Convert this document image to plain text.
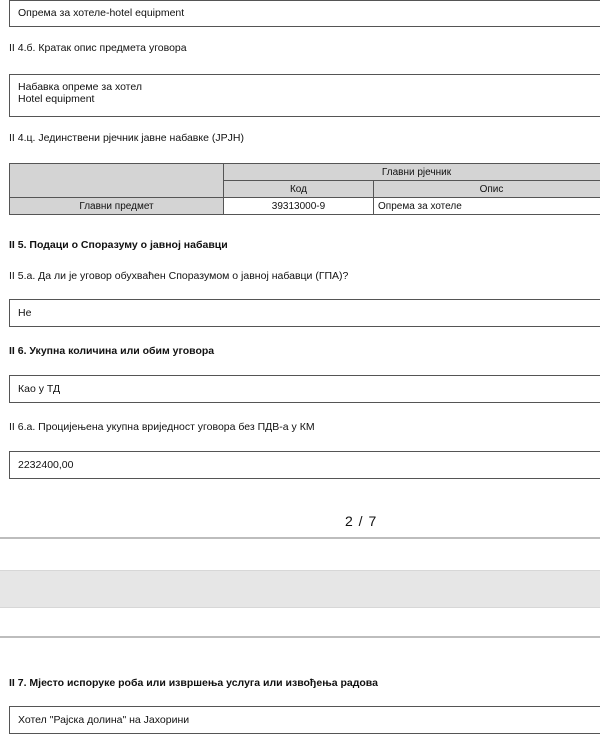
Опрема за хотеле-hotel equipment
II 4.б. Кратак опис предмета уговора
Набавка опреме за хотел
Hotel equipment
II 4.ц. Јединствени рјечник јавне набавке (ЈРЈН)
	Главни рјечник	
	Код	Опис
Главни предмет	39313000-9	Опрема за хотеле
II 5. Подаци о Споразуму о јавној набавци
II 5.а. Да ли је уговор обухваћен Споразумом о јавној набавци (ГПА)?
Не
II 6. Укупна количина или обим уговора
Као у ТД
II 6.а. Процијењена укупна вриједност уговора без ПДВ-а у КМ
2232400,00
2 / 7
II 7. Мјесто испоруке роба или извршења услуга или извођења радова
Хотел "Рајска долина" на Јахорини
